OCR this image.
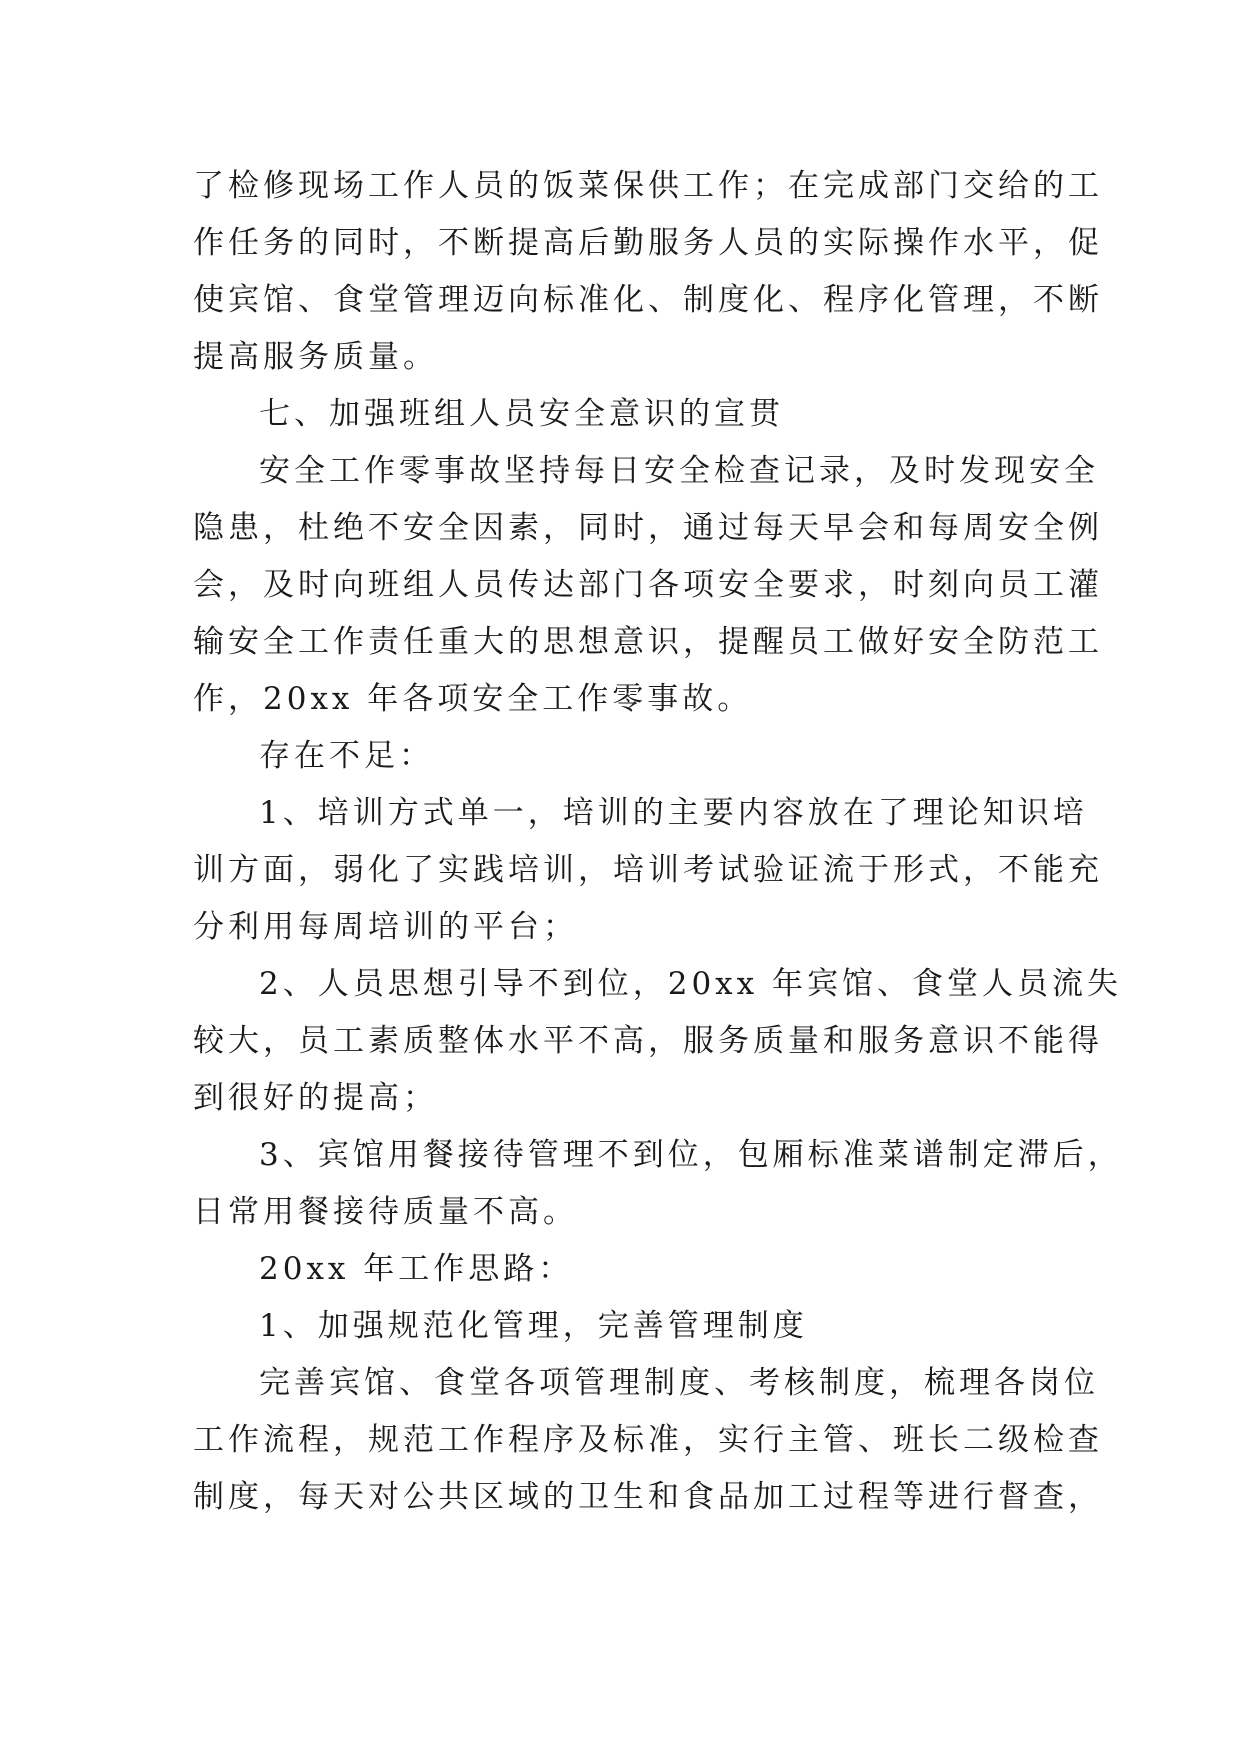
了检修现场工作人员的饭菜保供工作；在完成部门交给的工
作任务的同时，不断提高后勤服务人员的实际操作水平，促
使宾馆、食堂管理迈向标准化、制度化、程序化管理，不断
提高服务质量。
七、加强班组人员安全意识的宣贯
安全工作零事故坚持每日安全检查记录，及时发现安全
隐患，杜绝不安全因素，同时，通过每天早会和每周安全例
会，及时向班组人员传达部门各项安全要求，时刻向员工灌
输安全工作责任重大的思想意识，提醒员工做好安全防范工
作，20xx 年各项安全工作零事故。
存在不足：
1、培训方式单一，培训的主要内容放在了理论知识培
训方面，弱化了实践培训，培训考试验证流于形式，不能充
分利用每周培训的平台；
2、人员思想引导不到位，20xx 年宾馆、食堂人员流失
较大，员工素质整体水平不高，服务质量和服务意识不能得
到很好的提高；
3、宾馆用餐接待管理不到位，包厢标准菜谱制定滞后，
日常用餐接待质量不高。
20xx 年工作思路：
1、加强规范化管理，完善管理制度
完善宾馆、食堂各项管理制度、考核制度，梳理各岗位
工作流程，规范工作程序及标准，实行主管、班长二级检查
制度，每天对公共区域的卫生和食品加工过程等进行督查，
